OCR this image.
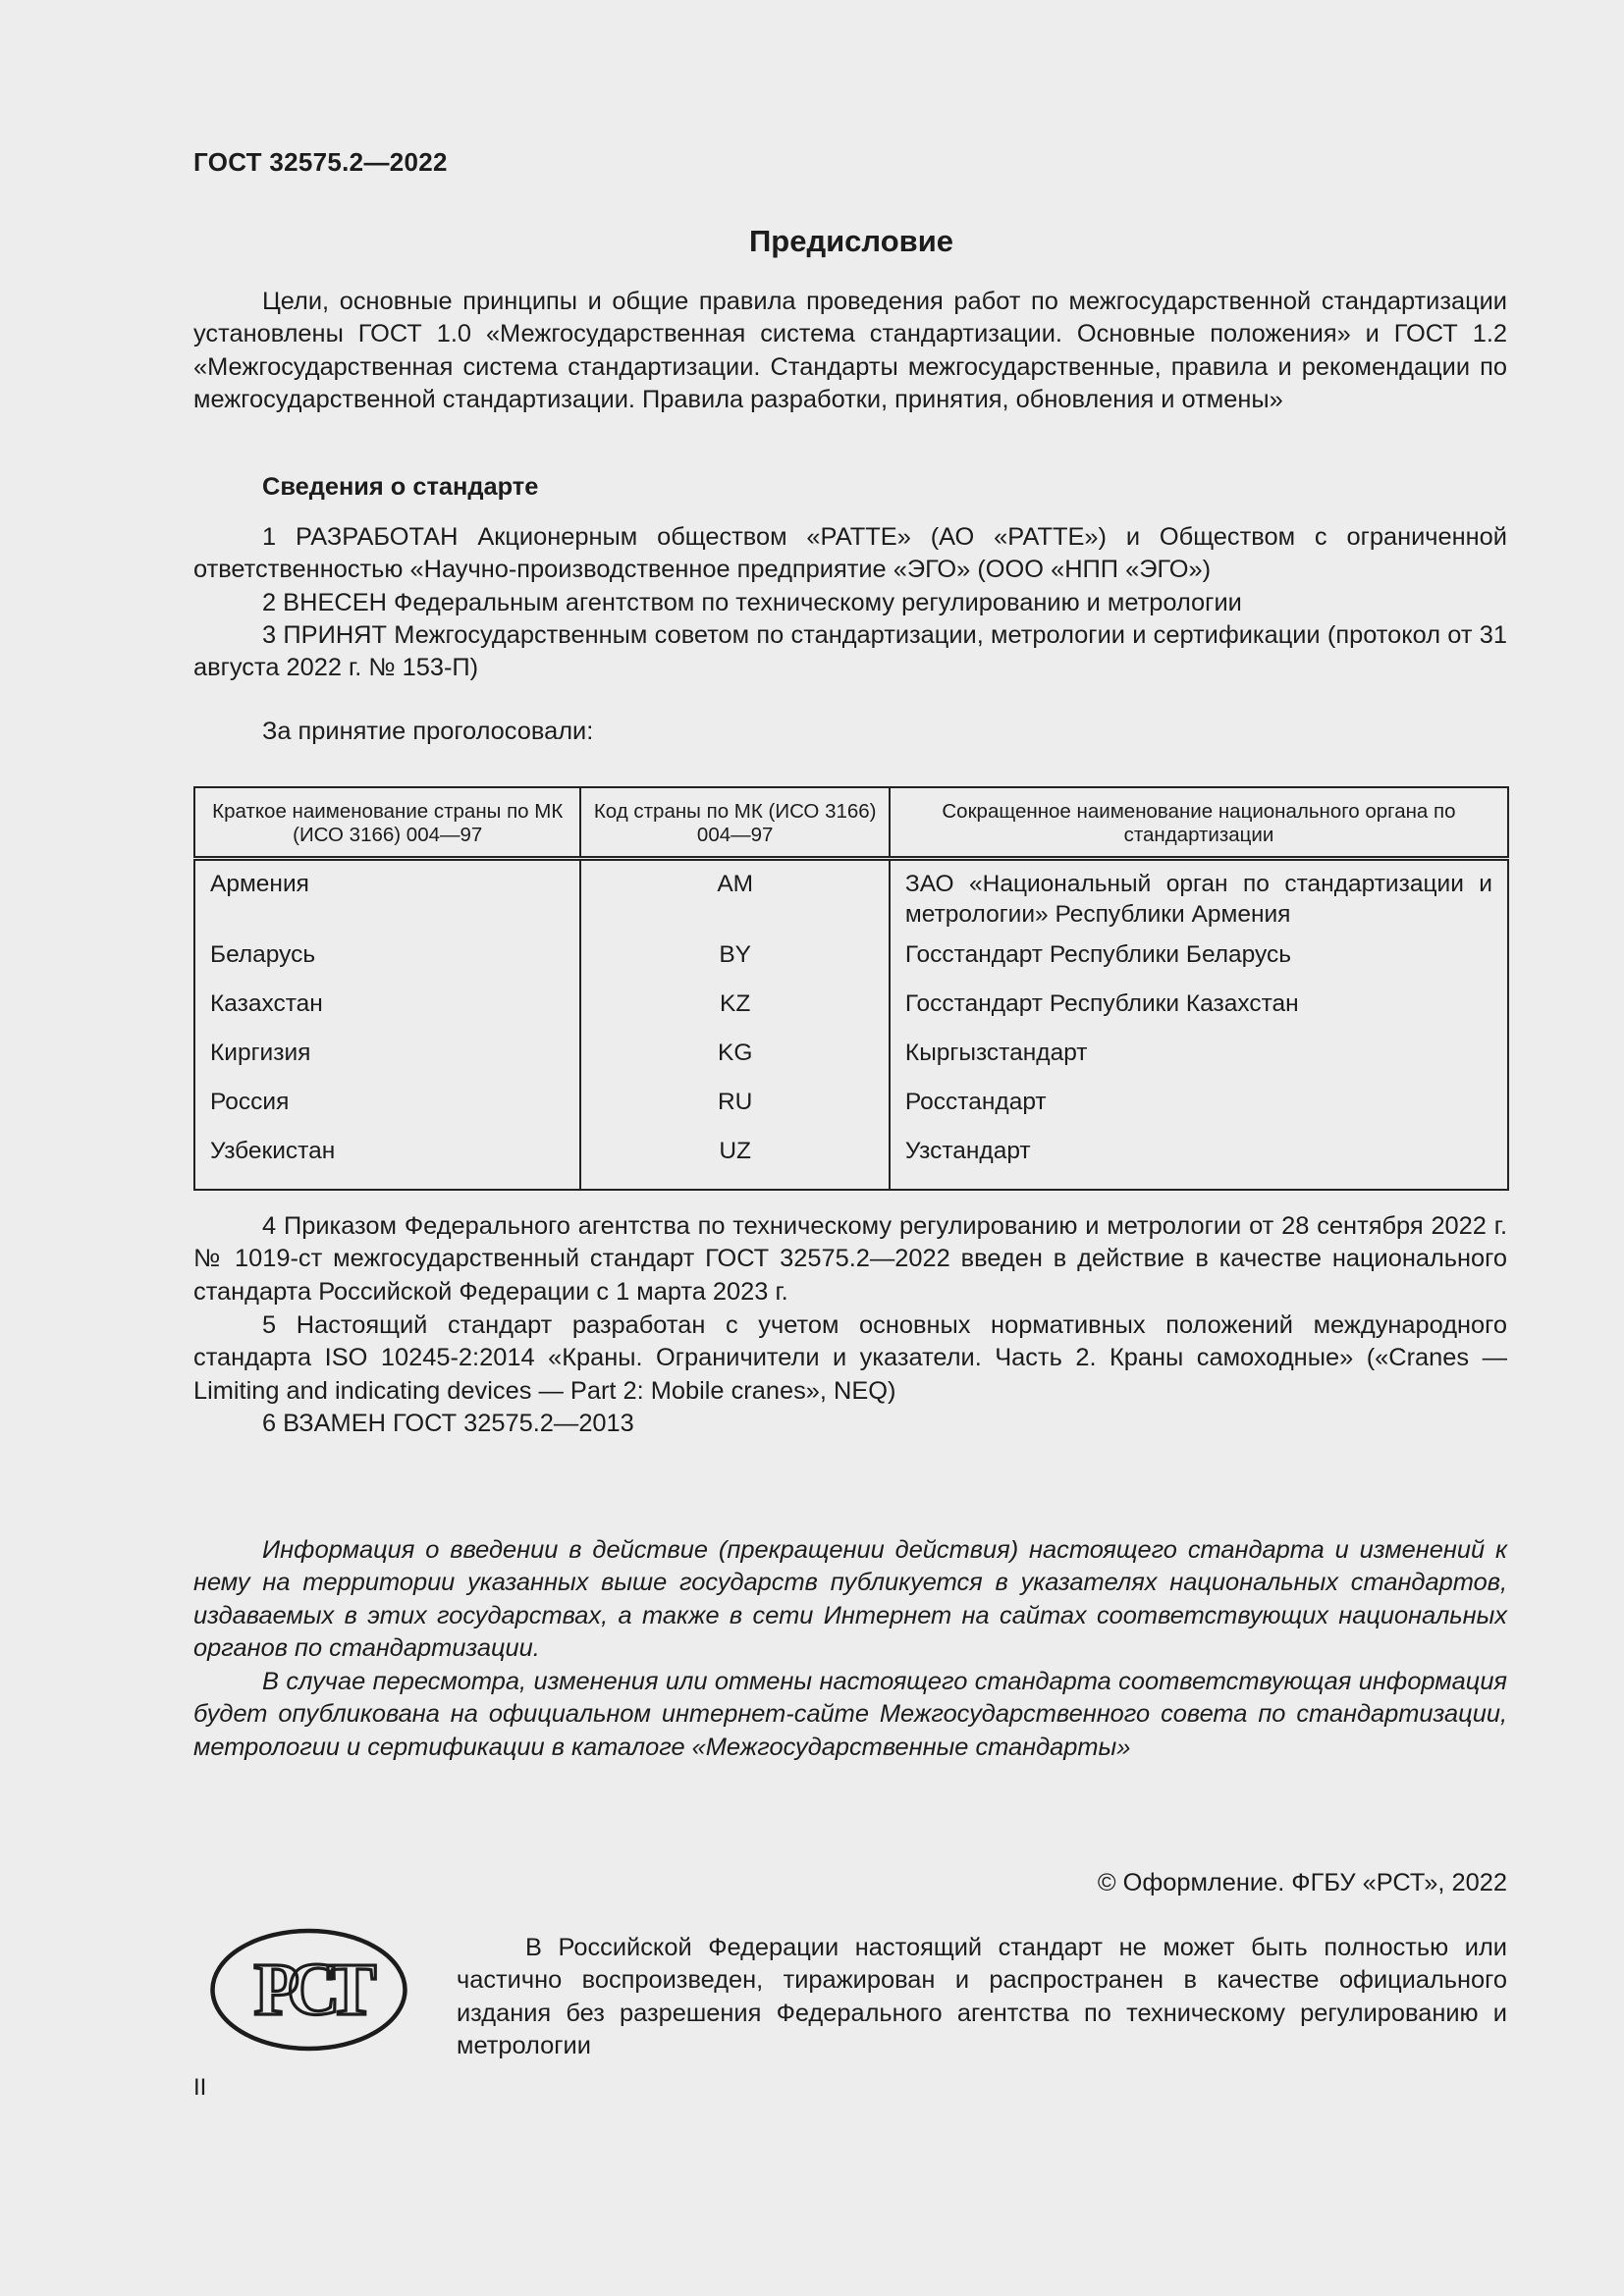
ГОСТ 32575.2—2022
Предисловие

Цели, основные принципы и общие правила проведения работ по межгосударственной стандартизации установлены ГОСТ 1.0 «Межгосударственная система стандартизации. Основные положения» и ГОСТ 1.2 «Межгосударственная система стандартизации. Стандарты межгосударственные, правила и рекомендации по межгосударственной стандартизации. Правила разработки, принятия, обновления и отмены»

Сведения о стандарте

1 РАЗРАБОТАН Акционерным обществом «РАТТЕ» (АО «РАТТЕ») и Обществом с ограниченной ответственностью «Научно-производственное предприятие «ЭГО» (ООО «НПП «ЭГО»)

2 ВНЕСЕН Федеральным агентством по техническому регулированию и метрологии

3 ПРИНЯТ Межгосударственным советом по стандартизации, метрологии и сертификации (протокол от 31 августа 2022 г. № 153-П)

За принятие проголосовали:
Краткое наименование страны по МК (ИСО 3166) 004—97	Код страны по МК (ИСО 3166) 004—97	Сокращенное наименование национального органа по стандартизации
Армения	AM	ЗАО «Национальный орган по стандартизации и метрологии» Республики Армения
Беларусь	BY	Госстандарт Республики Беларусь
Казахстан	KZ	Госстандарт Республики Казахстан
Киргизия	KG	Кыргызстандарт
Россия	RU	Росстандарт
Узбекистан	UZ	Узстандарт

4 Приказом Федерального агентства по техническому регулированию и метрологии от 28 сентября 2022 г. № 1019-ст межгосударственный стандарт ГОСТ 32575.2—2022 введен в действие в качестве национального стандарта Российской Федерации с 1 марта 2023 г.

5 Настоящий стандарт разработан с учетом основных нормативных положений международного стандарта ISO 10245-2:2014 «Краны. Ограничители и указатели. Часть 2. Краны самоходные» («Cranes — Limiting and indicating devices — Part 2: Mobile cranes», NEQ)

6 ВЗАМЕН ГОСТ 32575.2—2013

Информация о введении в действие (прекращении действия) настоящего стандарта и изменений к нему на территории указанных выше государств публикуется в указателях национальных стандартов, издаваемых в этих государствах, а также в сети Интернет на сайтах соответствующих национальных органов по стандартизации.

В случае пересмотра, изменения или отмены настоящего стандарта соответствующая информация будет опубликована на официальном интернет-сайте Межгосударственного совета по стандартизации, метрологии и сертификации в каталоге «Межгосударственные стандарты»

© Оформление. ФГБУ «РСТ», 2022
РСТ

В Российской Федерации настоящий стандарт не может быть полностью или частично воспроизведен, тиражирован и распространен в качестве официального издания без разрешения Федерального агентства по техническому регулированию и метрологии

II
